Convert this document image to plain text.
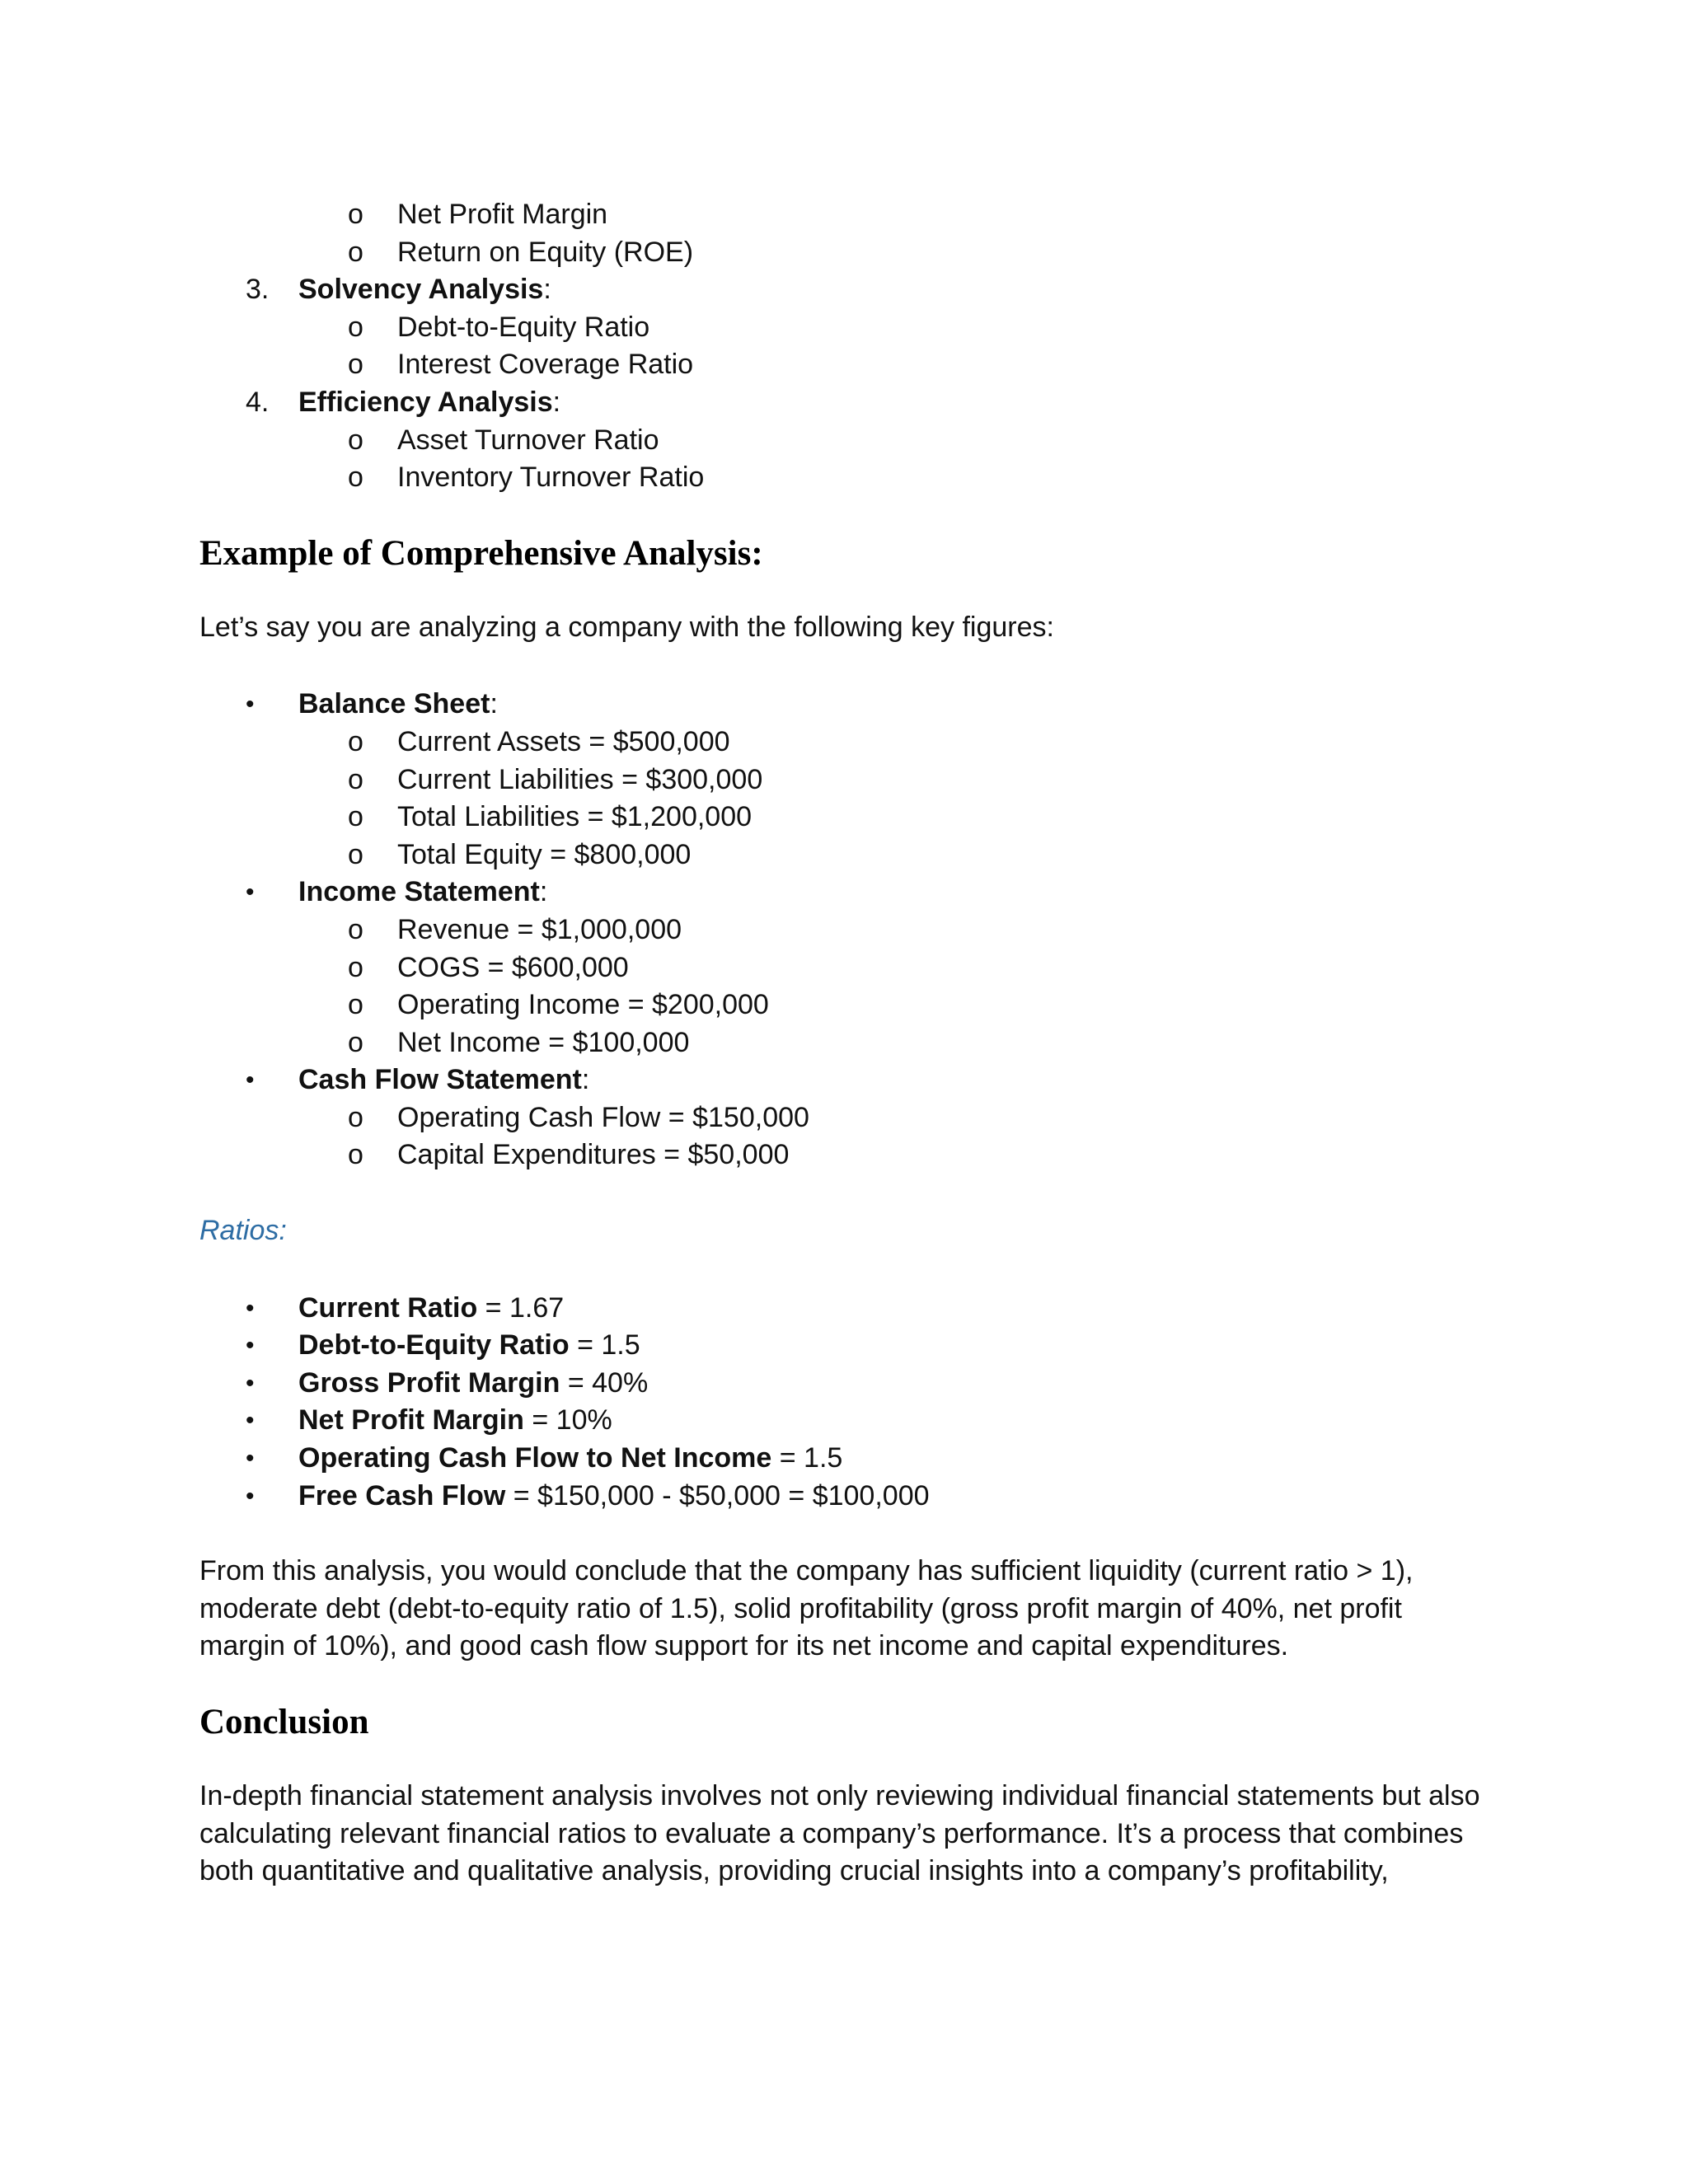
o Net Profit Margin
o Return on Equity (ROE)
3. Solvency Analysis:
o Debt-to-Equity Ratio
o Interest Coverage Ratio
4. Efficiency Analysis:
o Asset Turnover Ratio
o Inventory Turnover Ratio
Example of Comprehensive Analysis:
Let’s say you are analyzing a company with the following key figures:
• Balance Sheet:
o Current Assets = $500,000
o Current Liabilities = $300,000
o Total Liabilities = $1,200,000
o Total Equity = $800,000
• Income Statement:
o Revenue = $1,000,000
o COGS = $600,000
o Operating Income = $200,000
o Net Income = $100,000
• Cash Flow Statement:
o Operating Cash Flow = $150,000
o Capital Expenditures = $50,000
Ratios:
• Current Ratio = 1.67
• Debt-to-Equity Ratio = 1.5
• Gross Profit Margin = 40%
• Net Profit Margin = 10%
• Operating Cash Flow to Net Income = 1.5
• Free Cash Flow = $150,000 - $50,000 = $100,000
From this analysis, you would conclude that the company has sufficient liquidity (current ratio > 1),
moderate debt (debt-to-equity ratio of 1.5), solid profitability (gross profit margin of 40%, net profit
margin of 10%), and good cash flow support for its net income and capital expenditures.
Conclusion
In-depth financial statement analysis involves not only reviewing individual financial statements but also
calculating relevant financial ratios to evaluate a company’s performance. It’s a process that combines
both quantitative and qualitative analysis, providing crucial insights into a company’s profitability,
